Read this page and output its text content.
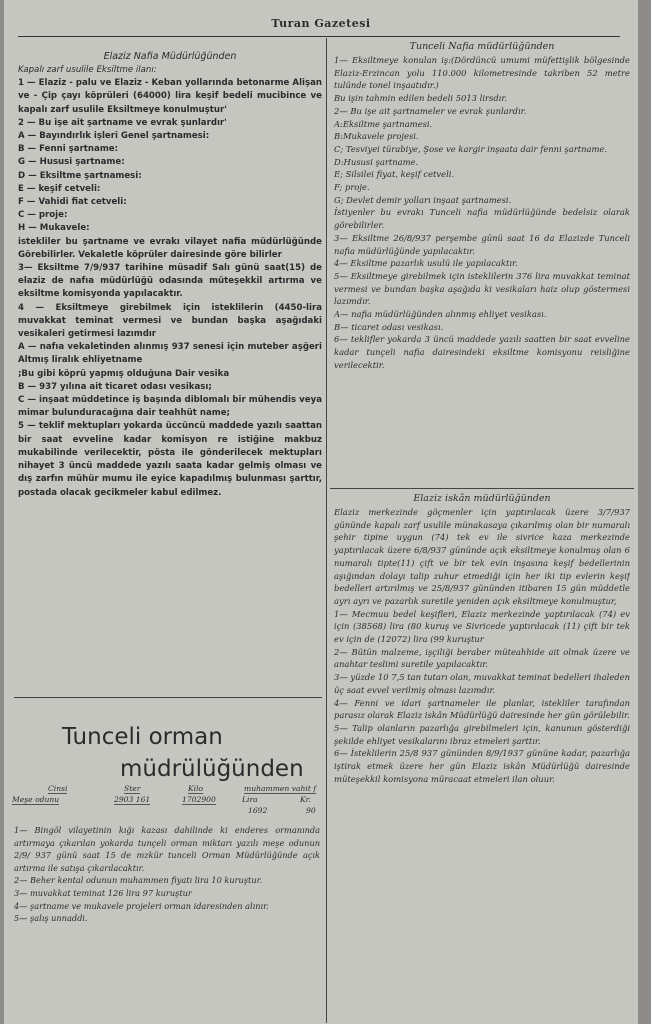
Turan Gazetesi

Elaziz Nafia Müdürlüğünden

Kapalı zarf usulile Eksiltme ilanı:

1 — Elaziz - palu ve Elaziz - Keban yollarında betonarme Alişan ve - Çip çayı köprüleri (64000) lira keşif bedeli mucibince ve kapalı zarf usulile Eksiltmeye konulmuştur'

2 — Bu işe ait şartname ve evrak şunlardır'

A — Bayındırlık işleri Genel şartnamesi:

B — Fenni şartname:

G — Hususi şartname:

D — Eksiltme şartnamesi:

E — keşif cetveli:

F — Vahidi fiat cetveli:

C — proje:

H — Mukavele:

istekliler bu şartname ve evrakı vilayet nafia müdürlüğünde Görebilirler. Vekaletle köprüler dairesinde göre bilirler

3— Eksiltme 7/9/937 tarihine müsadif Salı günü saat(15) de elaziz de nafıa müdürlüğü odasında müteşekkil artırma ve eksiltme komisyonda yapılacaktır.

4 — Eksiltmeye girebilmek için isteklilerin (4450-lira muvakkat teminat vermesi ve bundan başka aşağıdaki vesikaleri getirmesi lazımdır

A — nafıa vekaletinden alınmış 937 senesi için muteber aşğeri Altmış liralık ehliyetname

;Bu gibi köprü yapmış olduğuna Dair vesika

B — 937 yılına ait ticaret odası vesikası;

C — inşaat müddetince iş başında diblomalı bir mühendis veya mimar bulunduracağına dair teahhüt name;

5 — teklif mektupları yokarda üccüncü maddede yazılı saattan bir saat evveline kadar komisyon re istiğine makbuz mukabilinde verilecektir, pösta ile gönderilecek mektupları nihayet 3 üncü maddede yazılı saata kadar gelmiş olması ve dış zarfın mühür mumu ile eyice kapadılmış bulunması şarttır, postada olacak gecikmeler kabul edilmez.

Tunceli orman
müdrülüğünden
Cinsi	Ster	Kilo	muhammen vahit f
Meşe odunu	2903 161	1702900	Lira	Kr.
1692	90

1— Bingöl vilayetinin kığı kazası dahilinde ki enderes ormanında artırmaya çıkarılan yokarda tunçeli orman miktarı yazılı meşe odunun 2/9/ 937 günü saat 15 de mzkür tunceli Orman Müdürlüğünde açık artırma ile satışa çıkarılacaktır.

2— Beher kental odunun muhammen fiyatı lira 10 kuruştur.

3— muvakkat teminat 126 lira 97 kuruştur

4— şartname ve mukavele projeleri orman idaresinden alınır.

5— şalış unnaddi.

Tunceli Nafia müdürlüğünden

1— Eksiltmeye konulan iş:(Dördüncü umumi müfettişlik bölgesinde Elaziz-Erzincan yolu 110.000 kilometresinde takriben 52 metre tulünde tonel inşaatıdır.)

Bu işin tahmin edilen bedeli 5013 lirsdır.

2— Bu işe ait şartnameler ve evrak şunlardır.

A:Eksiltme şartnamesi.

B:Mukavele projesi.

C; Tesviyei türabiye, Şose ve kargir inşaata dair fenni şartname.

D:Hususi şartname.

E; Silsilei fiyat, keşif cetveli.

F; proje.

G; Devlet demir yolları inşaat şartnamesi.

İstiyenler bu evrakı Tunceli nafia müdürlüğünde bedelsiz olarak görebilirler.

3— Eksiltme 26/8/937 perşembe günü saat 16 da Elazizde Tunceli nafia müdürlüğünde yapılacaktır.

4— Eksiltme pazarlık usulü ile yapılacaktır.

5— Eksiltmeye girebilmek için isteklilerin 376 lira muvakkat teminat vermesi ve bundan başka aşağıda ki vesikaları haiz olup göstermesi lazımdır.

A— nafia müdürlüğünden alınmış ehliyet vesikası.

B— ticaret odası vesikası.

6— teklifler yokarda 3 üncü maddede yazılı saatten bir saat evveline kadar tunçeli nafia dairesindeki eksiltme komisyonu reisliğine verilecektir.

Elaziz iskân müdürlüğünden

Elaziz merkezinde göçmenler için yaptırılacak üzere 3/7/937 gününde kapalı zarf usulile münakasaya çıkarılmış olan bir numaralı şehir tipine uygun (74) tek ev ile sivrice kaza merkezinde yaptırılacak üzere 6/8/937 gününde açık eksiltmeye konulmuş olan 6 numaralı tipte(11) çift ve bir tek evin inşasına keşif bedellerinin aşığından dolayı talip zuhur etmediği için her iki tip evlerin keşif bedelleri artırılmış ve 25/8/937 gününden itibaren 15 gün müddetle ayrı ayrı ve pazarlık suretile yeniden açık eksiltmeye konulmuştur,

1— Mecmuu bedel keşifleri, Elaziz merkezinde yaptırılacak (74) ev için (38568) lira (80 kuruş ve Sivricede yaptırılacak (11) çift bir tek ev için de (12072) lira (99 kuruştur

2— Bütün malzeme, işçiliği beraber müteahhide ait olmak üzere ve anahtar teslimi suretile yapılacaktır.

3— yüzde 10 7,5 tan tutarı olan, muvakkat teminat bedelleri ihaleden üç saat evvel verilmiş olması lazımdır.

4— Fenni ve idari şartnameler ile planlar, istekliler tarafından parasız olarak Elaziz iskân Müdürlüğü dairesinde her gün görülebilir.

5— Talip olanların pazarlığa girebilmeleri için, kanunun gösterdiği şekilde ehliyet vesikalarını ibraz etmeleri şarttır.

6— İsteklilerin 25/8 937 gününden 8/9/1937 gününe kadar, pazarlığa iştirak etmek üzere her gün Elaziz iskân Müdürlüğü dairesinde müteşekkil komisyona müracaat etmeleri ilan oluur.
